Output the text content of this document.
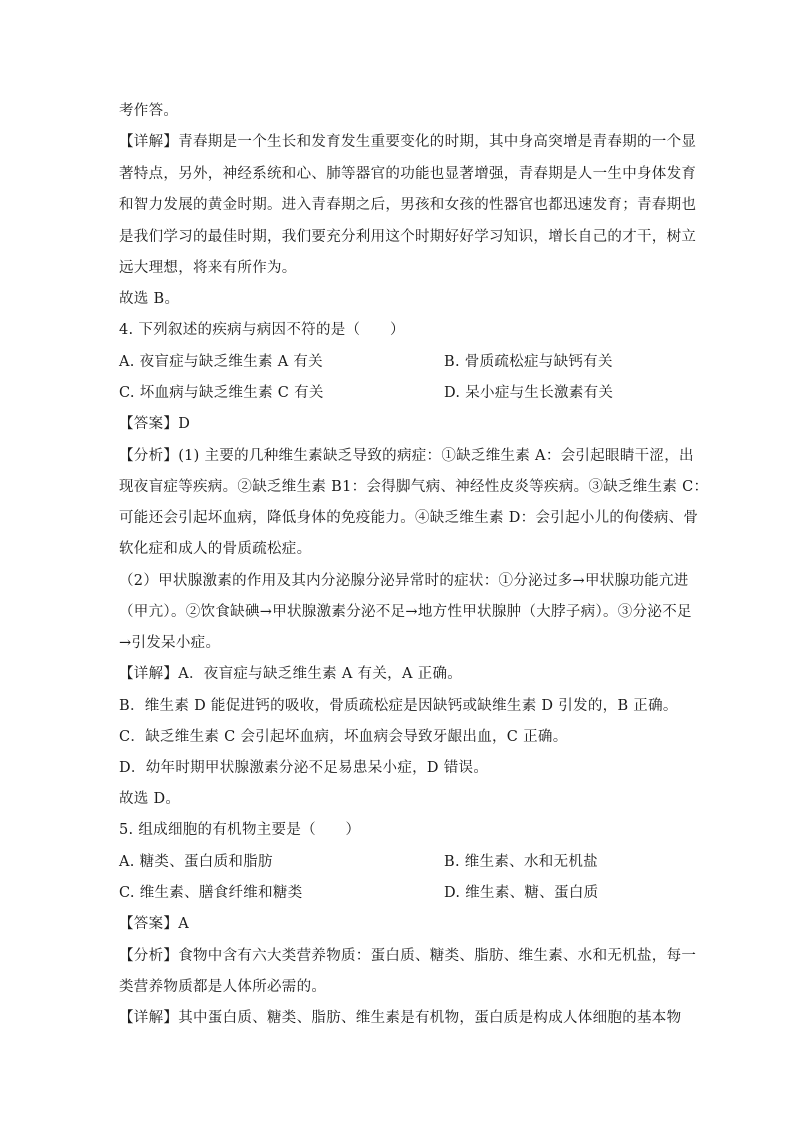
考作答。
【详解】青春期是一个生长和发育发生重要变化的时期，其中身高突增是青春期的一个显
著特点，另外，神经系统和心、肺等器官的功能也显著增强，青春期是人一生中身体发育
和智力发展的黄金时期。进入青春期之后，男孩和女孩的性器官也都迅速发育；青春期也
是我们学习的最佳时期，我们要充分利用这个时期好好学习知识，增长自己的才干，树立
远大理想，将来有所作为。
故选 B。
4. 下列叙述的疾病与病因不符的是（　　）
A. 夜盲症与缺乏维生素 A 有关	B. 骨质疏松症与缺钙有关
C. 坏血病与缺乏维生素 C 有关	D. 呆小症与生长激素有关
【答案】D
【分析】(1) 主要的几种维生素缺乏导致的病症：①缺乏维生素 A：会引起眼睛干涩，出
现夜盲症等疾病。②缺乏维生素 B1：会得脚气病、神经性皮炎等疾病。③缺乏维生素 C：
可能还会引起坏血病，降低身体的免疫能力。④缺乏维生素 D：会引起小儿的佝偻病、骨
软化症和成人的骨质疏松症。
（2）甲状腺激素的作用及其内分泌腺分泌异常时的症状：①分泌过多→甲状腺功能亢进
（甲亢）。②饮食缺碘→甲状腺激素分泌不足→地方性甲状腺肿（大脖子病）。③分泌不足
→引发呆小症。
【详解】A．夜盲症与缺乏维生素 A 有关，A 正确。
B．维生素 D 能促进钙的吸收，骨质疏松症是因缺钙或缺维生素 D 引发的，B 正确。
C．缺乏维生素 C 会引起坏血病，坏血病会导致牙龈出血，C 正确。
D．幼年时期甲状腺激素分泌不足易患呆小症，D 错误。
故选 D。
5. 组成细胞的有机物主要是（　　）
A. 糖类、蛋白质和脂肪	B. 维生素、水和无机盐
C. 维生素、膳食纤维和糖类	D. 维生素、糖、蛋白质
【答案】A
【分析】食物中含有六大类营养物质：蛋白质、糖类、脂肪、维生素、水和无机盐，每一
类营养物质都是人体所必需的。
【详解】其中蛋白质、糖类、脂肪、维生素是有机物，蛋白质是构成人体细胞的基本物
